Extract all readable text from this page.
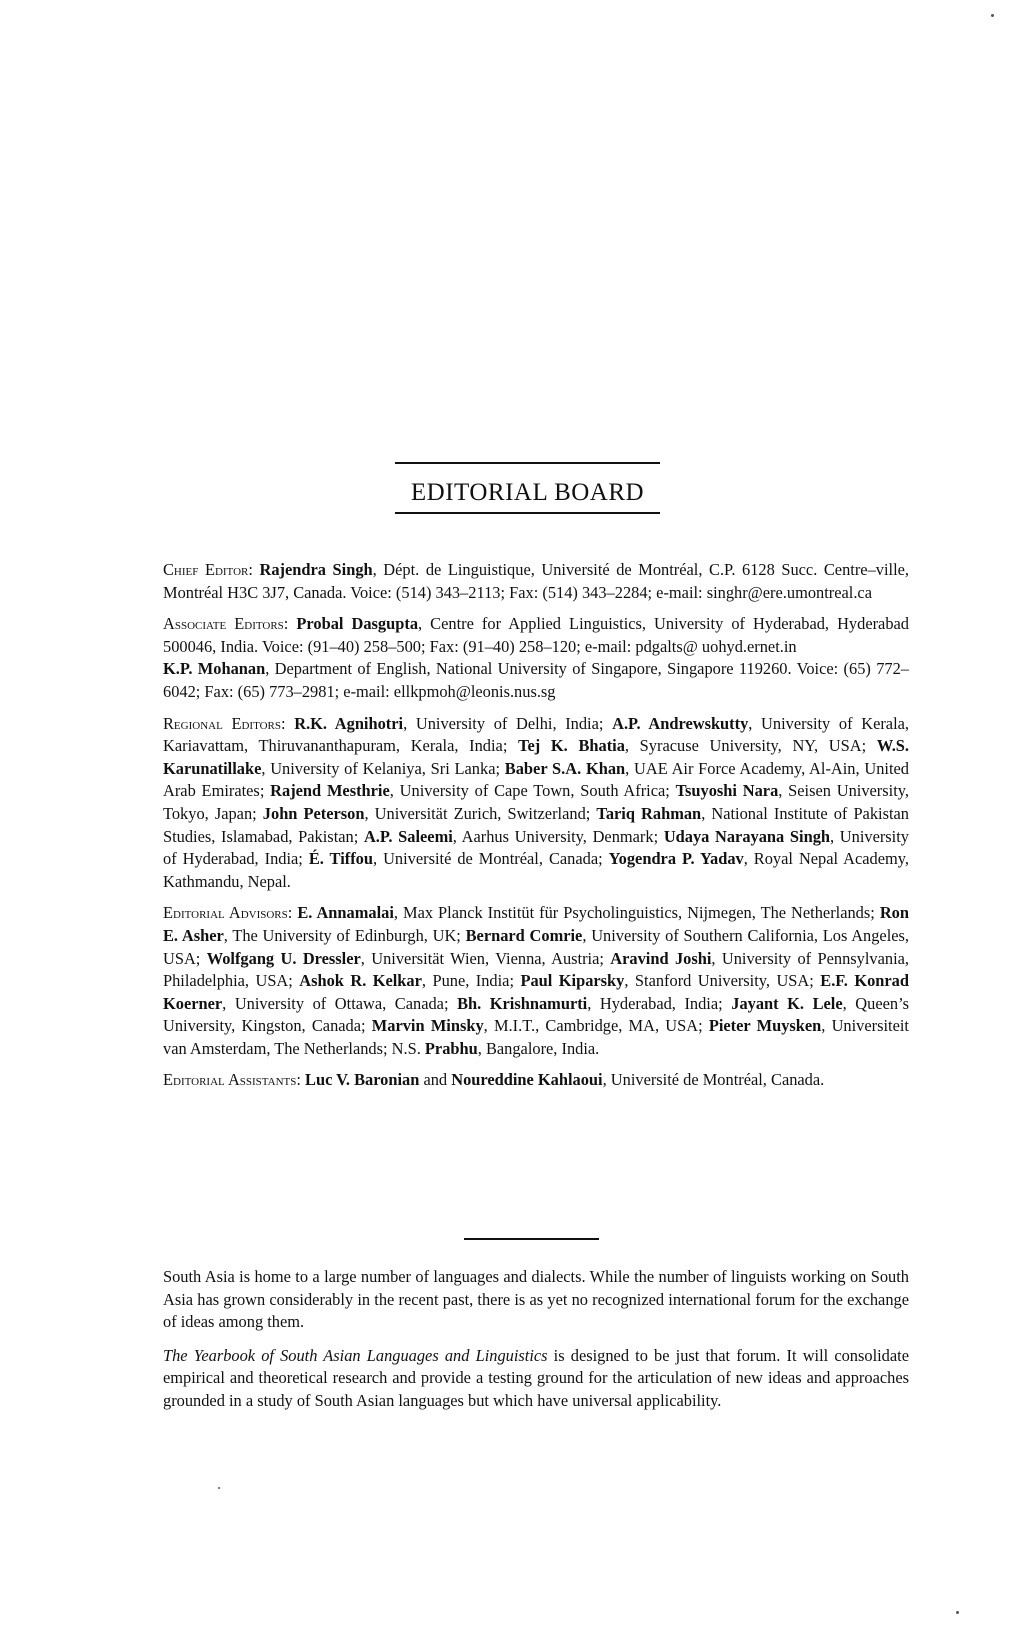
EDITORIAL BOARD

Chief Editor: Rajendra Singh, Dépt. de Linguistique, Université de Montréal, C.P. 6128 Succ. Centre–ville, Montréal H3C 3J7, Canada. Voice: (514) 343–2113; Fax: (514) 343–2284; e-mail: singhr@ere.umontreal.ca

Associate Editors: Probal Dasgupta, Centre for Applied Linguistics, University of Hyderabad, Hyderabad 500046, India. Voice: (91–40) 258–500; Fax: (91–40) 258–120; e-mail: pdgalts@ uohyd.ernet.in
K.P. Mohanan, Department of English, National University of Singapore, Singapore 119260. Voice: (65) 772–6042; Fax: (65) 773–2981; e-mail: ellkpmoh@leonis.nus.sg

Regional Editors: R.K. Agnihotri, University of Delhi, India; A.P. Andrewskutty, University of Kerala, Kariavattam, Thiruvananthapuram, Kerala, India; Tej K. Bhatia, Syracuse University, NY, USA; W.S. Karunatillake, University of Kelaniya, Sri Lanka; Baber S.A. Khan, UAE Air Force Academy, Al-Ain, United Arab Emirates; Rajend Mesthrie, University of Cape Town, South Africa; Tsuyoshi Nara, Seisen University, Tokyo, Japan; John Peterson, Universität Zurich, Switzerland; Tariq Rahman, National Institute of Pakistan Studies, Islamabad, Pakistan; A.P. Saleemi, Aarhus University, Denmark; Udaya Narayana Singh, University of Hyderabad, India; É. Tiffou, Université de Montréal, Canada; Yogendra P. Yadav, Royal Nepal Academy, Kathmandu, Nepal.

Editorial Advisors: E. Annamalai, Max Planck Institüt für Psycholinguistics, Nijmegen, The Netherlands; Ron E. Asher, The University of Edinburgh, UK; Bernard Comrie, University of Southern California, Los Angeles, USA; Wolfgang U. Dressler, Universität Wien, Vienna, Austria; Aravind Joshi, University of Pennsylvania, Philadelphia, USA; Ashok R. Kelkar, Pune, India; Paul Kiparsky, Stanford University, USA; E.F. Konrad Koerner, University of Ottawa, Canada; Bh. Krishnamurti, Hyderabad, India; Jayant K. Lele, Queen’s University, Kingston, Canada; Marvin Minsky, M.I.T., Cambridge, MA, USA; Pieter Muysken, Universiteit van Amsterdam, The Netherlands; N.S. Prabhu, Bangalore, India.

Editorial Assistants: Luc V. Baronian and Noureddine Kahlaoui, Université de Montréal, Canada.

South Asia is home to a large number of languages and dialects. While the number of linguists working on South Asia has grown considerably in the recent past, there is as yet no recognized international forum for the exchange of ideas among them.

The Yearbook of South Asian Languages and Linguistics is designed to be just that forum. It will consolidate empirical and theoretical research and provide a testing ground for the articulation of new ideas and approaches grounded in a study of South Asian languages but which have universal applicability.
